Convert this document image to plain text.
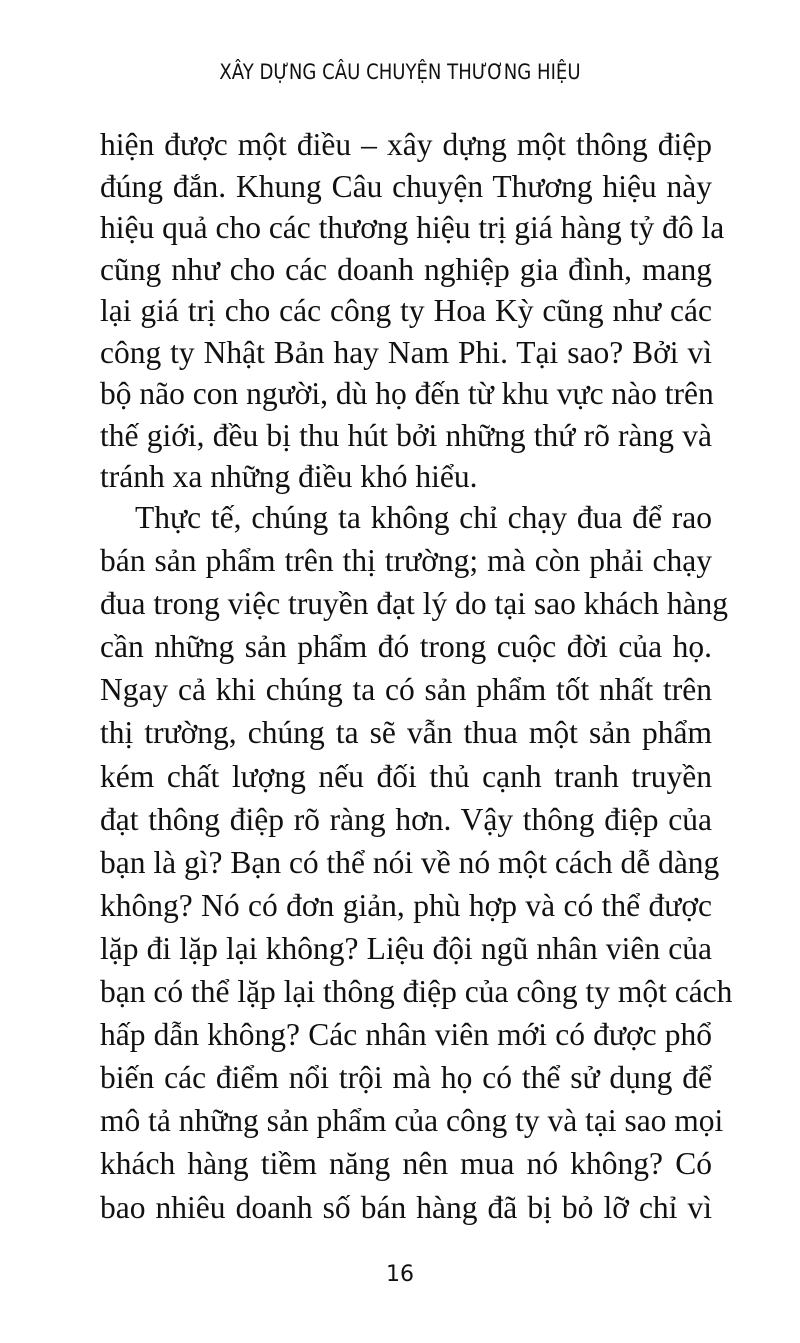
XÂY DỰNG CÂU CHUYỆN THƯƠNG HIỆU
hiện được một điều – xây dựng một thông điệp
đúng đắn. Khung Câu chuyện Thương hiệu này
hiệu quả cho các thương hiệu trị giá hàng tỷ đô la
cũng như cho các doanh nghiệp gia đình, mang
lại giá trị cho các công ty Hoa Kỳ cũng như các
công ty Nhật Bản hay Nam Phi. Tại sao? Bởi vì
bộ não con người, dù họ đến từ khu vực nào trên
thế giới, đều bị thu hút bởi những thứ rõ ràng và
tránh xa những điều khó hiểu.
Thực tế, chúng ta không chỉ chạy đua để rao
bán sản phẩm trên thị trường; mà còn phải chạy
đua trong việc truyền đạt lý do tại sao khách hàng
cần những sản phẩm đó trong cuộc đời của họ.
Ngay cả khi chúng ta có sản phẩm tốt nhất trên
thị trường, chúng ta sẽ vẫn thua một sản phẩm
kém chất lượng nếu đối thủ cạnh tranh truyền
đạt thông điệp rõ ràng hơn. Vậy thông điệp của
bạn là gì? Bạn có thể nói về nó một cách dễ dàng
không? Nó có đơn giản, phù hợp và có thể được
lặp đi lặp lại không? Liệu đội ngũ nhân viên của
bạn có thể lặp lại thông điệp của công ty một cách
hấp dẫn không? Các nhân viên mới có được phổ
biến các điểm nổi trội mà họ có thể sử dụng để
mô tả những sản phẩm của công ty và tại sao mọi
khách hàng tiềm năng nên mua nó không? Có
bao nhiêu doanh số bán hàng đã bị bỏ lỡ chỉ vì
16
